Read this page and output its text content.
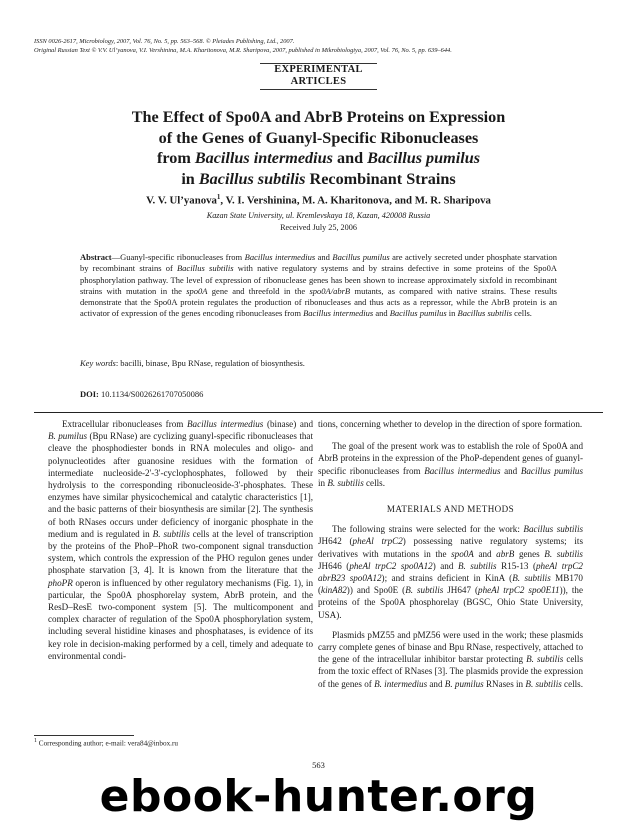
ISSN 0026-2617, Microbiology, 2007, Vol. 76, No. 5, pp. 563–568. © Pleiades Publishing, Ltd., 2007.
Original Russian Text © V.V. Ul’yanova, V.I. Vershinina, M.A. Kharitonova, M.R. Sharipova, 2007, published in Mikrobiologiya, 2007, Vol. 76, No. 5, pp. 639–644.
EXPERIMENTAL
ARTICLES
The Effect of Spo0A and AbrB Proteins on Expression
of the Genes of Guanyl-Specific Ribonucleases
from Bacillus intermedius and Bacillus pumilus
in Bacillus subtilis Recombinant Strains
V. V. Ul’yanova$^1$, V. I. Vershinina, M. A. Kharitonova, and M. R. Sharipova
Kazan State University, ul. Kremlevskaya 18, Kazan, 420008 Russia
Received July 25, 2006
Abstract—Guanyl-specific ribonucleases from Bacillus intermedius and Bacillus pumilus are actively secreted under phosphate starvation by recombinant strains of Bacillus subtilis with native regulatory systems and by strains defective in some proteins of the Spo0A phosphorylation pathway. The level of expression of ribonuclease genes has been shown to increase approximately sixfold in recombinant strains with mutation in the spo0A gene and threefold in the spo0A/abrB mutants, as compared with native strains. These results demonstrate that the Spo0A protein regulates the production of ribonucleases and thus acts as a repressor, while the AbrB protein is an activator of expression of the genes encoding ribonucleases from Bacillus intermedius and Bacillus pumilus in Bacillus subtilis cells.
Key words: bacilli, binase, Bpu RNase, regulation of biosynthesis.
DOI: 10.1134/S0026261707050086

Extracellular ribonucleases from Bacillus intermedius (binase) and B. pumilus (Bpu RNase) are cyclizing guanyl-specific ribonucleases that cleave the phosphodiester bonds in RNA molecules and oligo- and polynucleotides after guanosine residues with the formation of intermediate nucleoside-2'-3'-cyclophosphates, followed by their hydrolysis to the corresponding ribonucleoside-3'-phosphates. These enzymes have similar physicochemical and catalytic characteristics [1], and the basic patterns of their biosynthesis are similar [2]. The synthesis of both RNases occurs under deficiency of inorganic phosphate in the medium and is regulated in B. subtilis cells at the level of transcription by the proteins of the PhoP–PhoR two-component signal transduction system, which controls the expression of the PHO regulon genes under phosphate starvation [3, 4]. It is known from the literature that the phoPR operon is influenced by other regulatory mechanisms (Fig. 1), in particular, the Spo0A phosphorelay system, AbrB protein, and the ResD–ResE two-component system [5]. The multicomponent and complex character of regulation of the Spo0A phosphorylation system, including several histidine kinases and phosphatases, is evidence of its key role in decision-making performed by a cell, timely and adequate to environmental condi-

tions, concerning whether to develop in the direction of spore formation.

The goal of the present work was to establish the role of Spo0A and AbrB proteins in the expression of the PhoP-dependent genes of guanyl-specific ribonucleases from Bacillus intermedius and Bacillus pumilus in B. subtilis cells.

MATERIALS AND METHODS

The following strains were selected for the work: Bacillus subtilis JH642 (pheAl trpC2) possessing native regulatory systems; its derivatives with mutations in the spo0A and abrB genes B. subtilis JH646 (pheAl trpC2 spo0A12) and B. subtilis R15-13 (pheAl trpC2 abrB23 spo0A12); and strains deficient in KinA (B. subtilis MB170 (kinA82)) and Spo0E (B. subtilis JH647 (pheAl trpC2 spo0E11)), the proteins of the Spo0A phosphorelay (BGSC, Ohio State University, USA).

Plasmids pMZ55 and pMZ56 were used in the work; these plasmids carry complete genes of binase and Bpu RNase, respectively, attached to the gene of the intracellular inhibitor barstar protecting B. subtilis cells from the toxic effect of RNases [3]. The plasmids provide the expression of the genes of B. intermedius and B. pumilus RNases in B. subtilis cells.

$^1$ Corresponding author; e-mail: vera84@inbox.ru
563
ebook-hunter.org
